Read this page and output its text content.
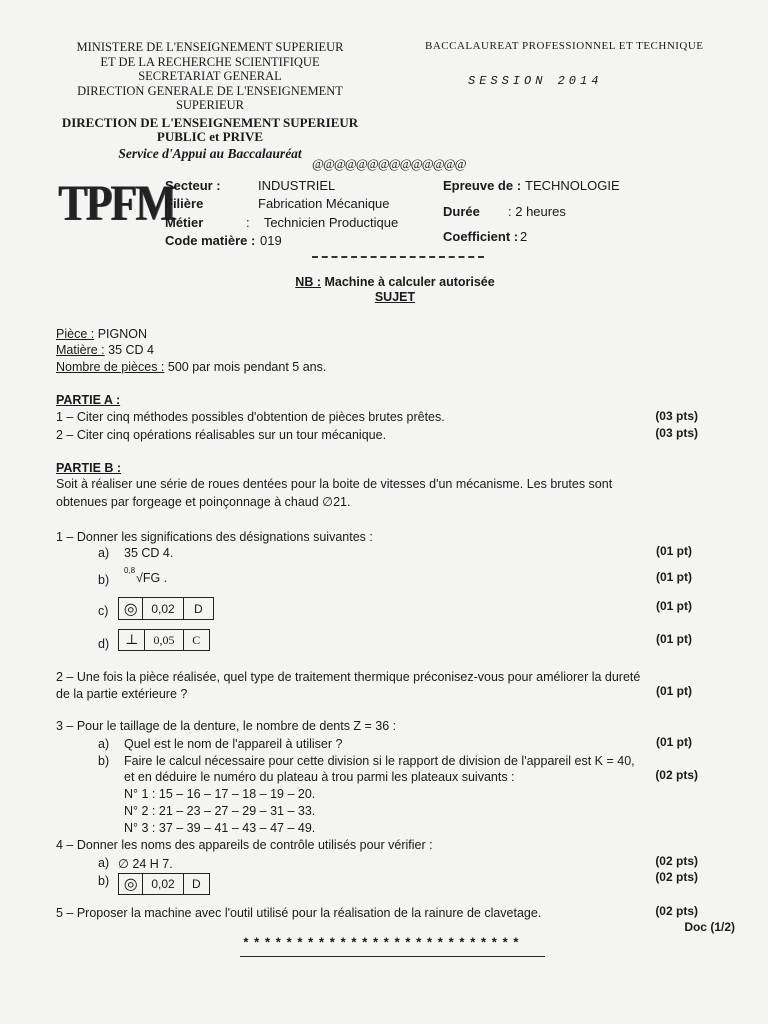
MINISTERE DE L'ENSEIGNEMENT SUPERIEUR
ET DE LA RECHERCHE SCIENTIFIQUE
SECRETARIAT GENERAL
DIRECTION GENERALE DE L'ENSEIGNEMENT
SUPERIEUR
DIRECTION DE L'ENSEIGNEMENT SUPERIEUR
PUBLIC et PRIVE
Service d'Appui au Baccalauréat
BACCALAUREAT PROFESSIONNEL ET TECHNIQUE
SESSION 2014
@@@@@@@@@@@@@@
TPFM
Secteur :	INDUSTRIEL
Filière	Fabrication Mécanique
Métier	:    Technicien Productique
Code matière : 019
Epreuve de : TECHNOLOGIE
Durée : 2 heures
Coefficient : 2
NB : Machine à calculer autorisée
SUJET
Pièce : PIGNON
Matière : 35 CD 4
Nombre de pièces : 500 par mois pendant 5 ans.
PARTIE A :
1 – Citer cinq méthodes possibles d'obtention de pièces brutes prêtes.	(03 pts)
2 – Citer cinq opérations réalisables sur un tour mécanique.	(03 pts)
PARTIE B :
Soit à réaliser une série de roues dentées pour la boite de vitesses d'un mécanisme. Les brutes sont
obtenues par forgeage et poinçonnage à chaud ∅21.
1 – Donner les significations des désignations suivantes :
a) 35 CD 4.	(01 pt)
b)
0,8
√FG .	(01 pt)
c) ◎	0,02	D	(01 pt)
d)	⊥	0,05	C	(01 pt)
2 – Une fois la pièce réalisée, quel type de traitement thermique préconisez-vous pour améliorer la dureté
de la partie extérieure ?	(01 pt)
3 – Pour le taillage de la denture, le nombre de dents Z = 36 :
a) Quel est le nom de l'appareil à utiliser ?	(01 pt)
b) Faire le calcul nécessaire pour cette division si le rapport de division de l'appareil est K = 40,
et en déduire le numéro du plateau à trou parmi les plateaux suivants :	(02 pts)
N° 1 : 15 – 16 – 17 – 18 – 19 – 20.
N° 2 : 21 – 23 – 27 – 29 – 31 – 33.
N° 3 : 37 – 39 – 41 – 43 – 47 – 49.
4 – Donner les noms des appareils de contrôle utilisés pour vérifier :
a) ∅ 24 H 7.	(02 pts)
b) ◎	0,02	D	(02 pts)
5 – Proposer la machine avec l'outil utilisé pour la réalisation de la rainure de clavetage.	(02 pts)
Doc (1/2)
**************************
